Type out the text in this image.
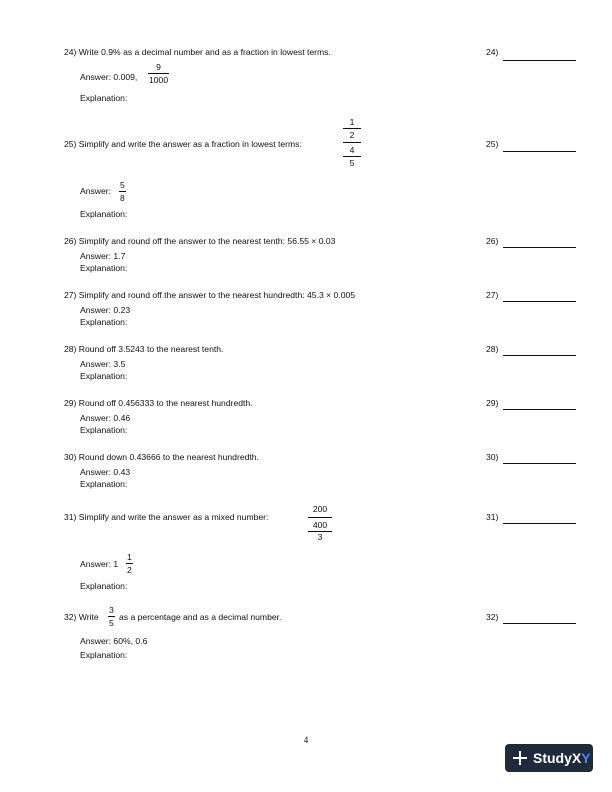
24) Write 0.9% as a decimal number and as a fraction in lowest terms.	24)
Answer: 0.009,
9
1000
Explanation:
25) Simplify and write the answer as a fraction in lowest terms:
1
2
4
5
25)
Answer:
5
8
Explanation:
26) Simplify and round off the answer to the nearest tenth: 56.55 × 0.03	26)
Answer: 1.7
Explanation:
27) Simplify and round off the answer to the nearest hundredth: 45.3 × 0.005	27)
Answer: 0.23
Explanation:
28) Round off 3.5243 to the nearest tenth.	28)
Answer: 3.5
Explanation:
29) Round off 0.456333 to the nearest hundredth.	29)
Answer: 0.46
Explanation:
30) Round down 0.43666 to the nearest hundredth.	30)
Answer: 0.43
Explanation:
31) Simplify and write the answer as a mixed number:
200
400
3
31)
Answer: 1
1
2
Explanation:
32) Write
3
5
as a percentage and as a decimal number.	32)
Answer: 60%, 0.6
Explanation:
4
StudyXY
